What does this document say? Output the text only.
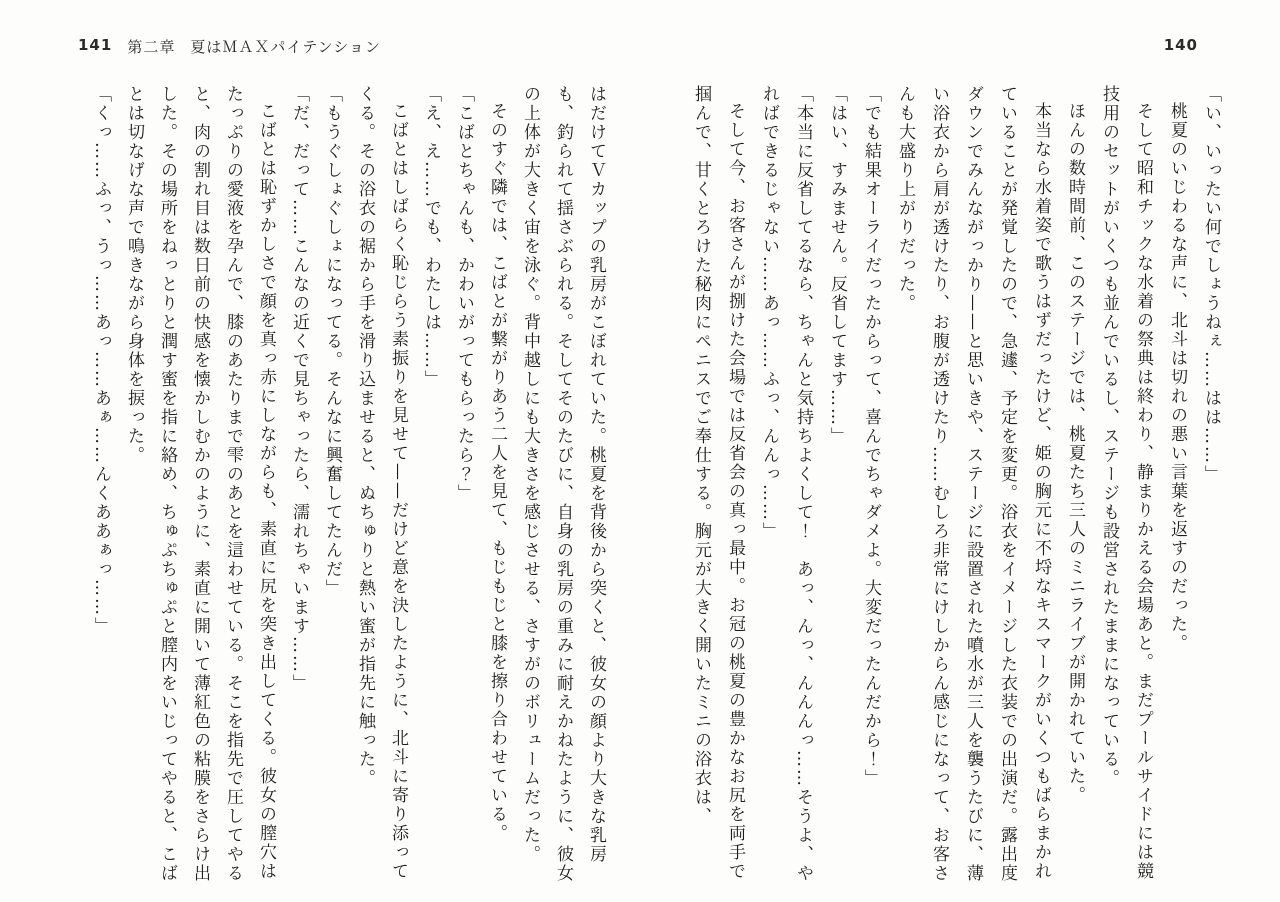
141 第二章 夏はＭＡＸパイテンション

はだけてＶカップの乳房がこぼれていた。桃夏を背後から突くと、彼女の顔より大きな乳房も、釣られて揺さぶられる。そしてそのたびに、自身の乳房の重みに耐えかねたように、彼女の上体が大きく宙を泳ぐ。背中越しにも大きさを感じさせる、さすがのボリュームだった。

そのすぐ隣では、こばとが繋がりあう二人を見て、もじもじと膝を擦り合わせている。

「こばとちゃんも、かわいがってもらったら？」

「え、え……でも、わたしは……」

こばとはしばらく恥じらう素振りを見せて——だけど意を決したように、北斗に寄り添ってくる。その浴衣の裾から手を滑り込ませると、ぬちゅりと熱い蜜が指先に触った。

「もうぐしょぐしょになってる。そんなに興奮してたんだ」

「だ、だって……こんなの近くで見ちゃったら、濡れちゃいます……」

こばとは恥ずかしさで顔を真っ赤にしながらも、素直に尻を突き出してくる。彼女の膣穴はたっぷりの愛液を孕んで、膝のあたりまで雫のあとを這わせている。そこを指先で圧してやると、肉の割れ目は数日前の快感を懐かしむかのように、素直に開いて薄紅色の粘膜をさらけ出した。その場所をねっとりと潤す蜜を指に絡め、ちゅぷちゅぷと膣内をいじってやると、こばとは切なげな声で鳴きながら身体を捩った。

「くっ……ふっ、うっ……あっ……あぁ……んくああぁっ……」

140

「い、いったい何でしょうねぇ……はは……」

桃夏のいじわるな声に、北斗は切れの悪い言葉を返すのだった。

そして昭和チックな水着の祭典は終わり、静まりかえる会場あと。まだプールサイドには競技用のセットがいくつも並んでいるし、ステージも設営されたままになっている。

ほんの数時間前、このステージでは、桃夏たち三人のミニライブが開かれていた。

本当なら水着姿で歌うはずだったけど、姫の胸元に不埒なキスマークがいくつもばらまかれていることが発覚したので、急遽、予定を変更。浴衣をイメージした衣装での出演だ。露出度ダウンでみんながっかり——と思いきや、ステージに設置された噴水が三人を襲うたびに、薄い浴衣から肩が透けたり、お腹が透けたり……むしろ非常にけしからん感じになって、お客さんも大盛り上がりだった。

「でも結果オーライだったからって、喜んでちゃダメよ。大変だったんだから！」

「はい、すみません。反省してます……」

「本当に反省してるなら、ちゃんと気持ちよくして！　あっ、んっ、んんんっ……そうよ、やればできるじゃない……あっ……ふっ、んんっ……」

そして今、お客さんが捌けた会場では反省会の真っ最中。お冠の桃夏の豊かなお尻を両手で掴んで、甘くとろけた秘肉にペニスでご奉仕する。胸元が大きく開いたミニの浴衣は、
